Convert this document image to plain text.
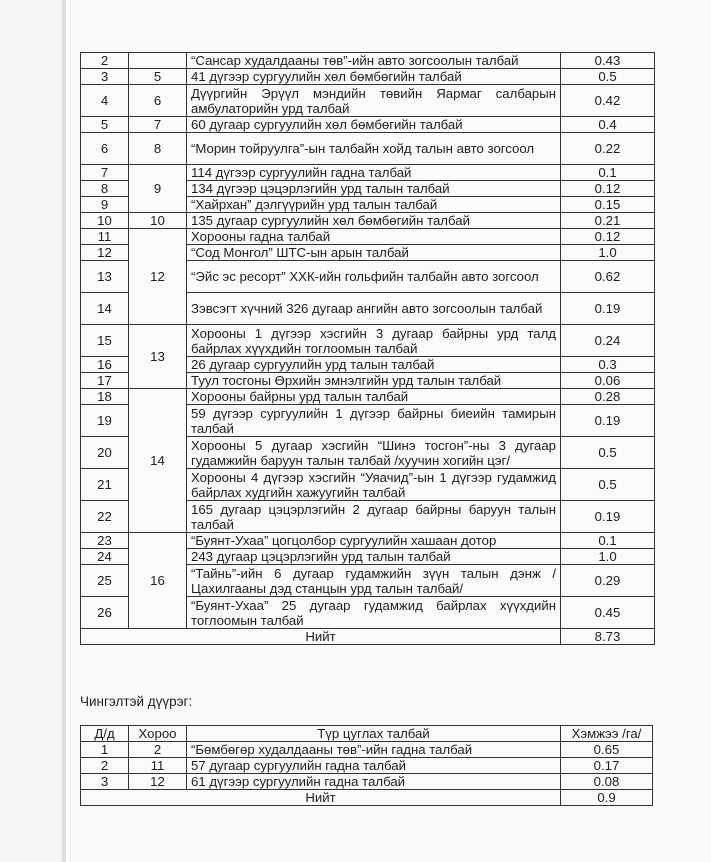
2		“Сансар худалдааны төв”-ийн авто зогсоолын талбай	0.43
3	5	41 дүгээр сургуулийн хөл бөмбөгийн талбай	0.5
4	6	Дүүргийн Эрүүл мэндийн төвийн Яармаг салбарын амбулаторийн урд талбай	0.42
5	7	60 дугаар сургуулийн хөл бөмбөгийн талбай	0.4
6	8	“Морин тойруулга”-ын талбайн хойд талын авто зогсоол	0.22
7	9	114 дүгээр сургуулийн гадна талбай	0.1
8		134 дүгээр цэцэрлэгийн урд талын талбай	0.12
9		“Хайрхан” дэлгүүрийн урд талын талбай	0.15
10	10	135 дугаар сургуулийн хөл бөмбөгийн талбай	0.21
11	12	Хорооны гадна талбай	0.12
12		“Сод Монгол” ШТС-ын арын талбай	1.0
13		“Эйс эс ресорт” ХХК-ийн гольфийн талбайн авто зогсоол	0.62
14		Зэвсэгт хүчний 326 дугаар ангийн авто зогсоолын талбай	0.19
15	13	Хорооны 1 дүгээр хэсгийн 3 дугаар байрны урд талд байрлах хүүхдийн тоглоомын талбай	0.24
16		26 дугаар сургуулийн урд талын талбай	0.3
17		Туул тосгоны Өрхийн эмнэлгийн урд талын талбай	0.06
18	14	Хорооны байрны урд талын талбай	0.28
19		59 дүгээр сургуулийн 1 дүгээр байрны биеийн тамирын талбай	0.19
20		Хорооны 5 дугаар хэсгийн “Шинэ тосгон”-ны 3 дугаар гудамжийн баруун талын талбай /хуучин хогийн цэг/	0.5
21		Хорооны 4 дүгээр хэсгийн “Уяачид”-ын 1 дүгээр гудамжид байрлах худгийн хажуугийн талбай	0.5
22		165 дугаар цэцэрлэгийн 2 дугаар байрны баруун талын талбай	0.19
23	16	“Буянт-Ухаа” цогцолбор сургуулийн хашаан дотор	0.1
24		243 дугаар цэцэрлэгийн урд талын талбай	1.0
25		“Тайнь”-ийн 6 дугаар гудамжийн зүүн талын дэнж /Цахилгааны дэд станцын урд талын талбай/	0.29
26		“Буянт-Ухаа” 25 дугаар гудамжид байрлах хүүхдийн тоглоомын талбай	0.45
Нийт			8.73
Чингэлтэй дүүрэг:
Д/д	Хороо	Түр цуглах талбай	Хэмжээ /га/
1	2	“Бөмбөгөр худалдааны төв”-ийн гадна талбай	0.65
2	11	57 дугаар сургуулийн гадна талбай	0.17
3	12	61 дүгээр сургуулийн гадна талбай	0.08
Нийт			0.9
